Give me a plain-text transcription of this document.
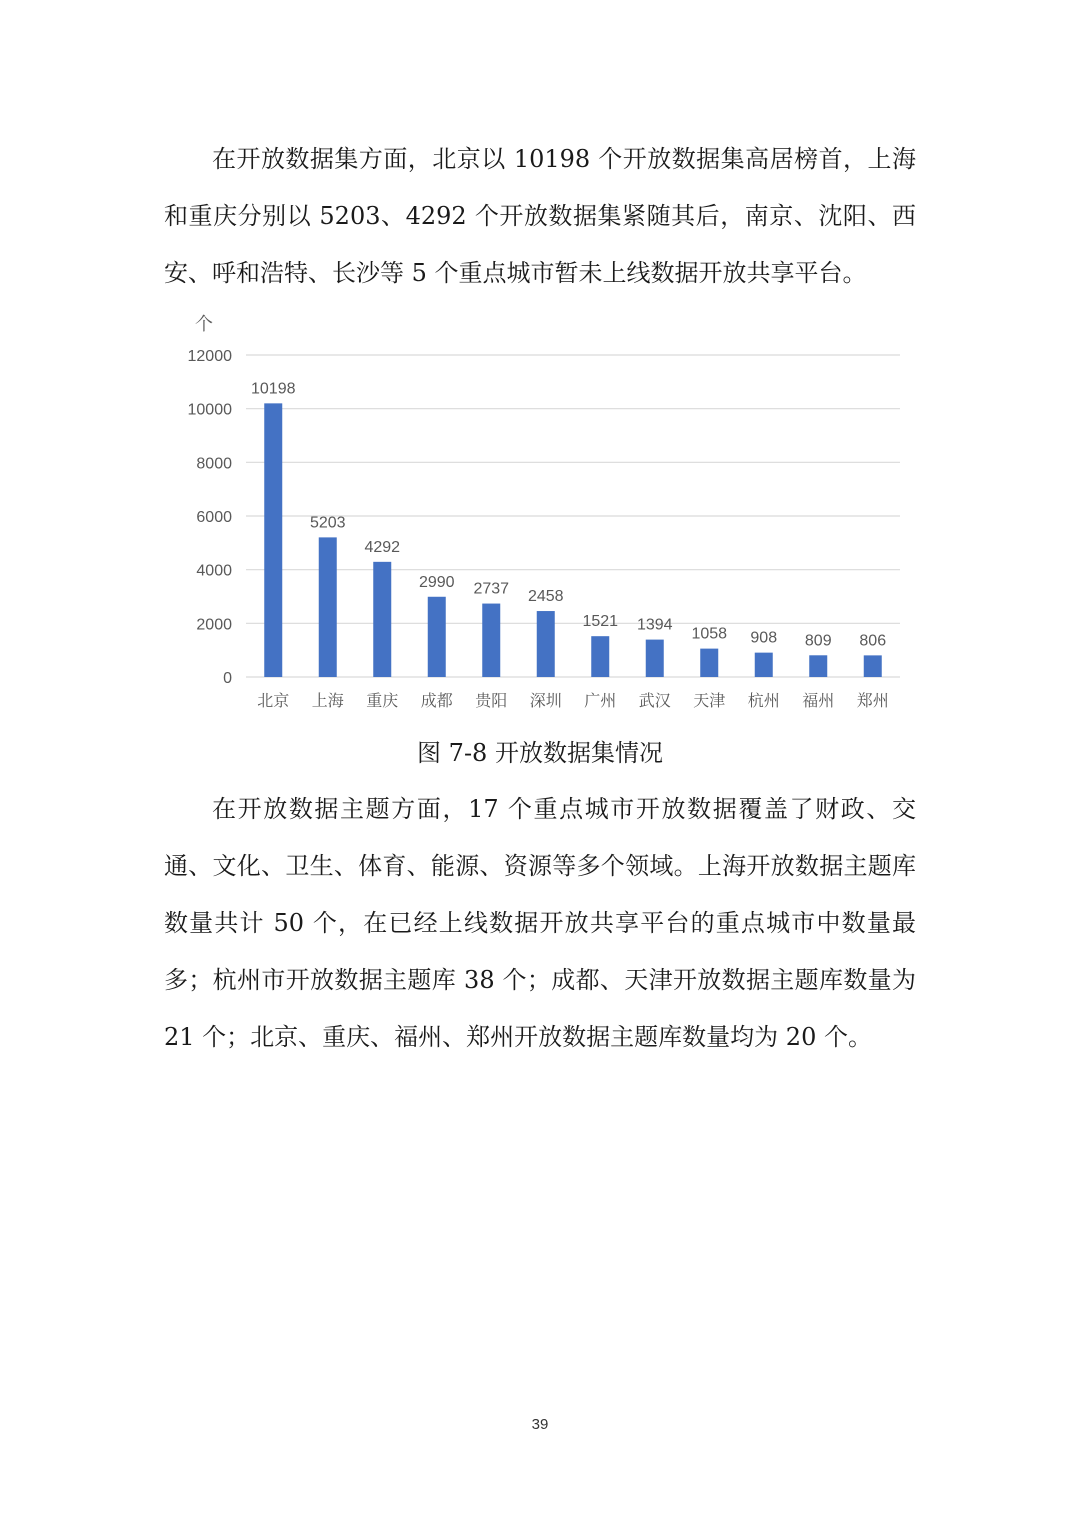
在开放数据集方面，北京以 10198 个开放数据集高居榜首，上海和重庆分别以 5203、4292 个开放数据集紧随其后，南京、沈阳、西安、呼和浩特、长沙等 5 个重点城市暂未上线数据开放共享平台。

个
0
2000
4000
6000
8000
10000
12000
10198
北京
5203
上海
4292
重庆
2990
成都
2737
贵阳
2458
深圳
1521
广州
1394
武汉
1058
天津
908
杭州
809
福州
806
郑州
图 7-8 开放数据集情况

在开放数据主题方面，17 个重点城市开放数据覆盖了财政、交通、文化、卫生、体育、能源、资源等多个领域。上海开放数据主题库数量共计 50 个，在已经上线数据开放共享平台的重点城市中数量最多；杭州市开放数据主题库 38 个；成都、天津开放数据主题库数量为 21 个；北京、重庆、福州、郑州开放数据主题库数量均为 20 个。

39
